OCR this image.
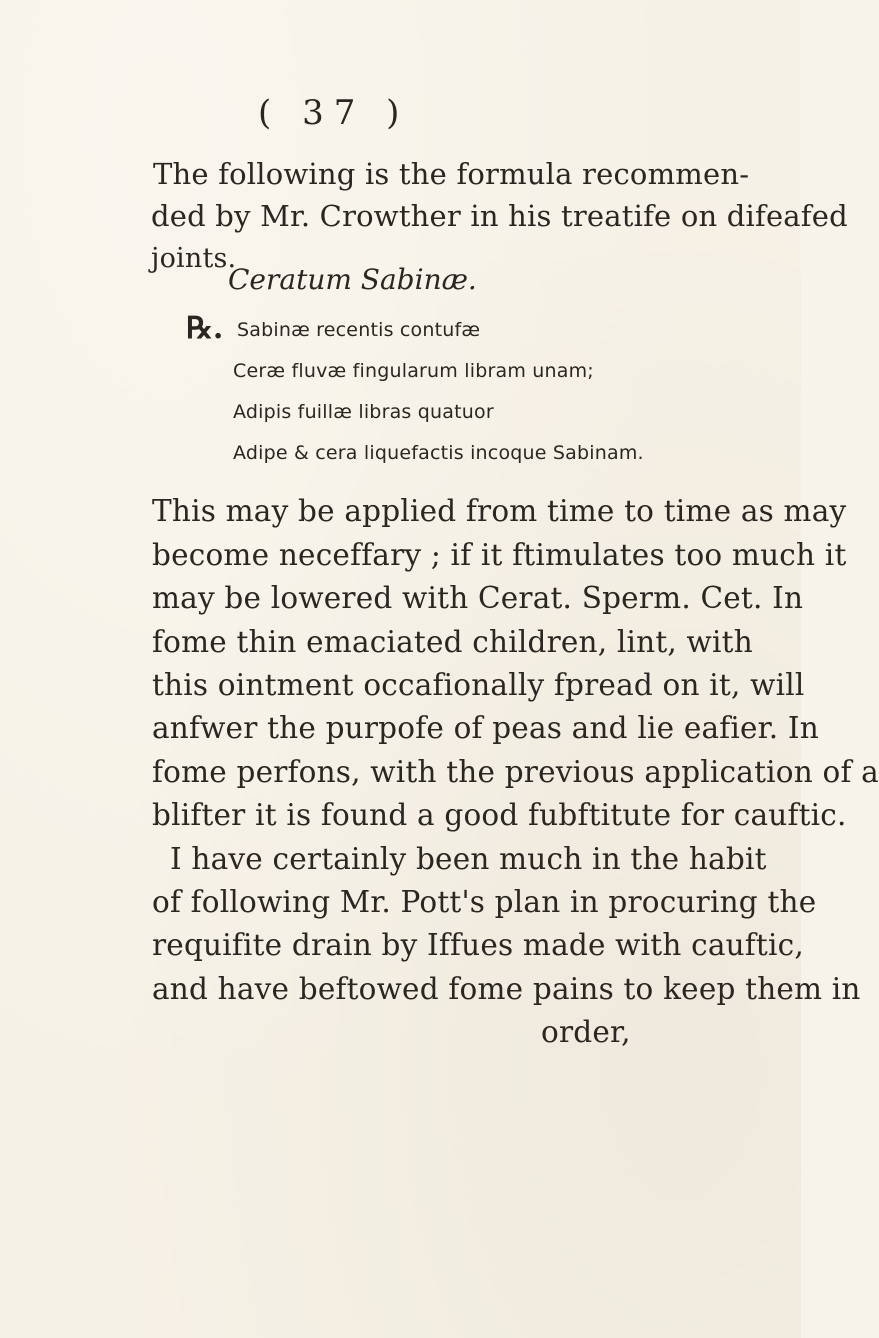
( 37 )
The following is the formula recommen-
ded by Mr. Crowther in his treatife on difeafed
joints.
Ceratum Sabinæ.
℞. Sabinæ recentis contufæ
Ceræ fluvæ fingularum libram unam;
Adipis fuillæ libras quatuor
Adipe & cera liquefactis incoque Sabinam.
This may be applied from time to time as may
become neceffary ; if it ftimulates too much it
may be lowered with Cerat. Sperm. Cet. In
fome thin emaciated children, lint, with
this ointment occafionally fpread on it, will
anfwer the purpofe of peas and lie eafier. In
fome perfons, with the previous application of a
blifter it is found a good fubftitute for cauftic.
I have certainly been much in the habit
of following Mr. Pott's plan in procuring the
requifite drain by Iffues made with cauftic,
and have beftowed fome pains to keep them in
order,
